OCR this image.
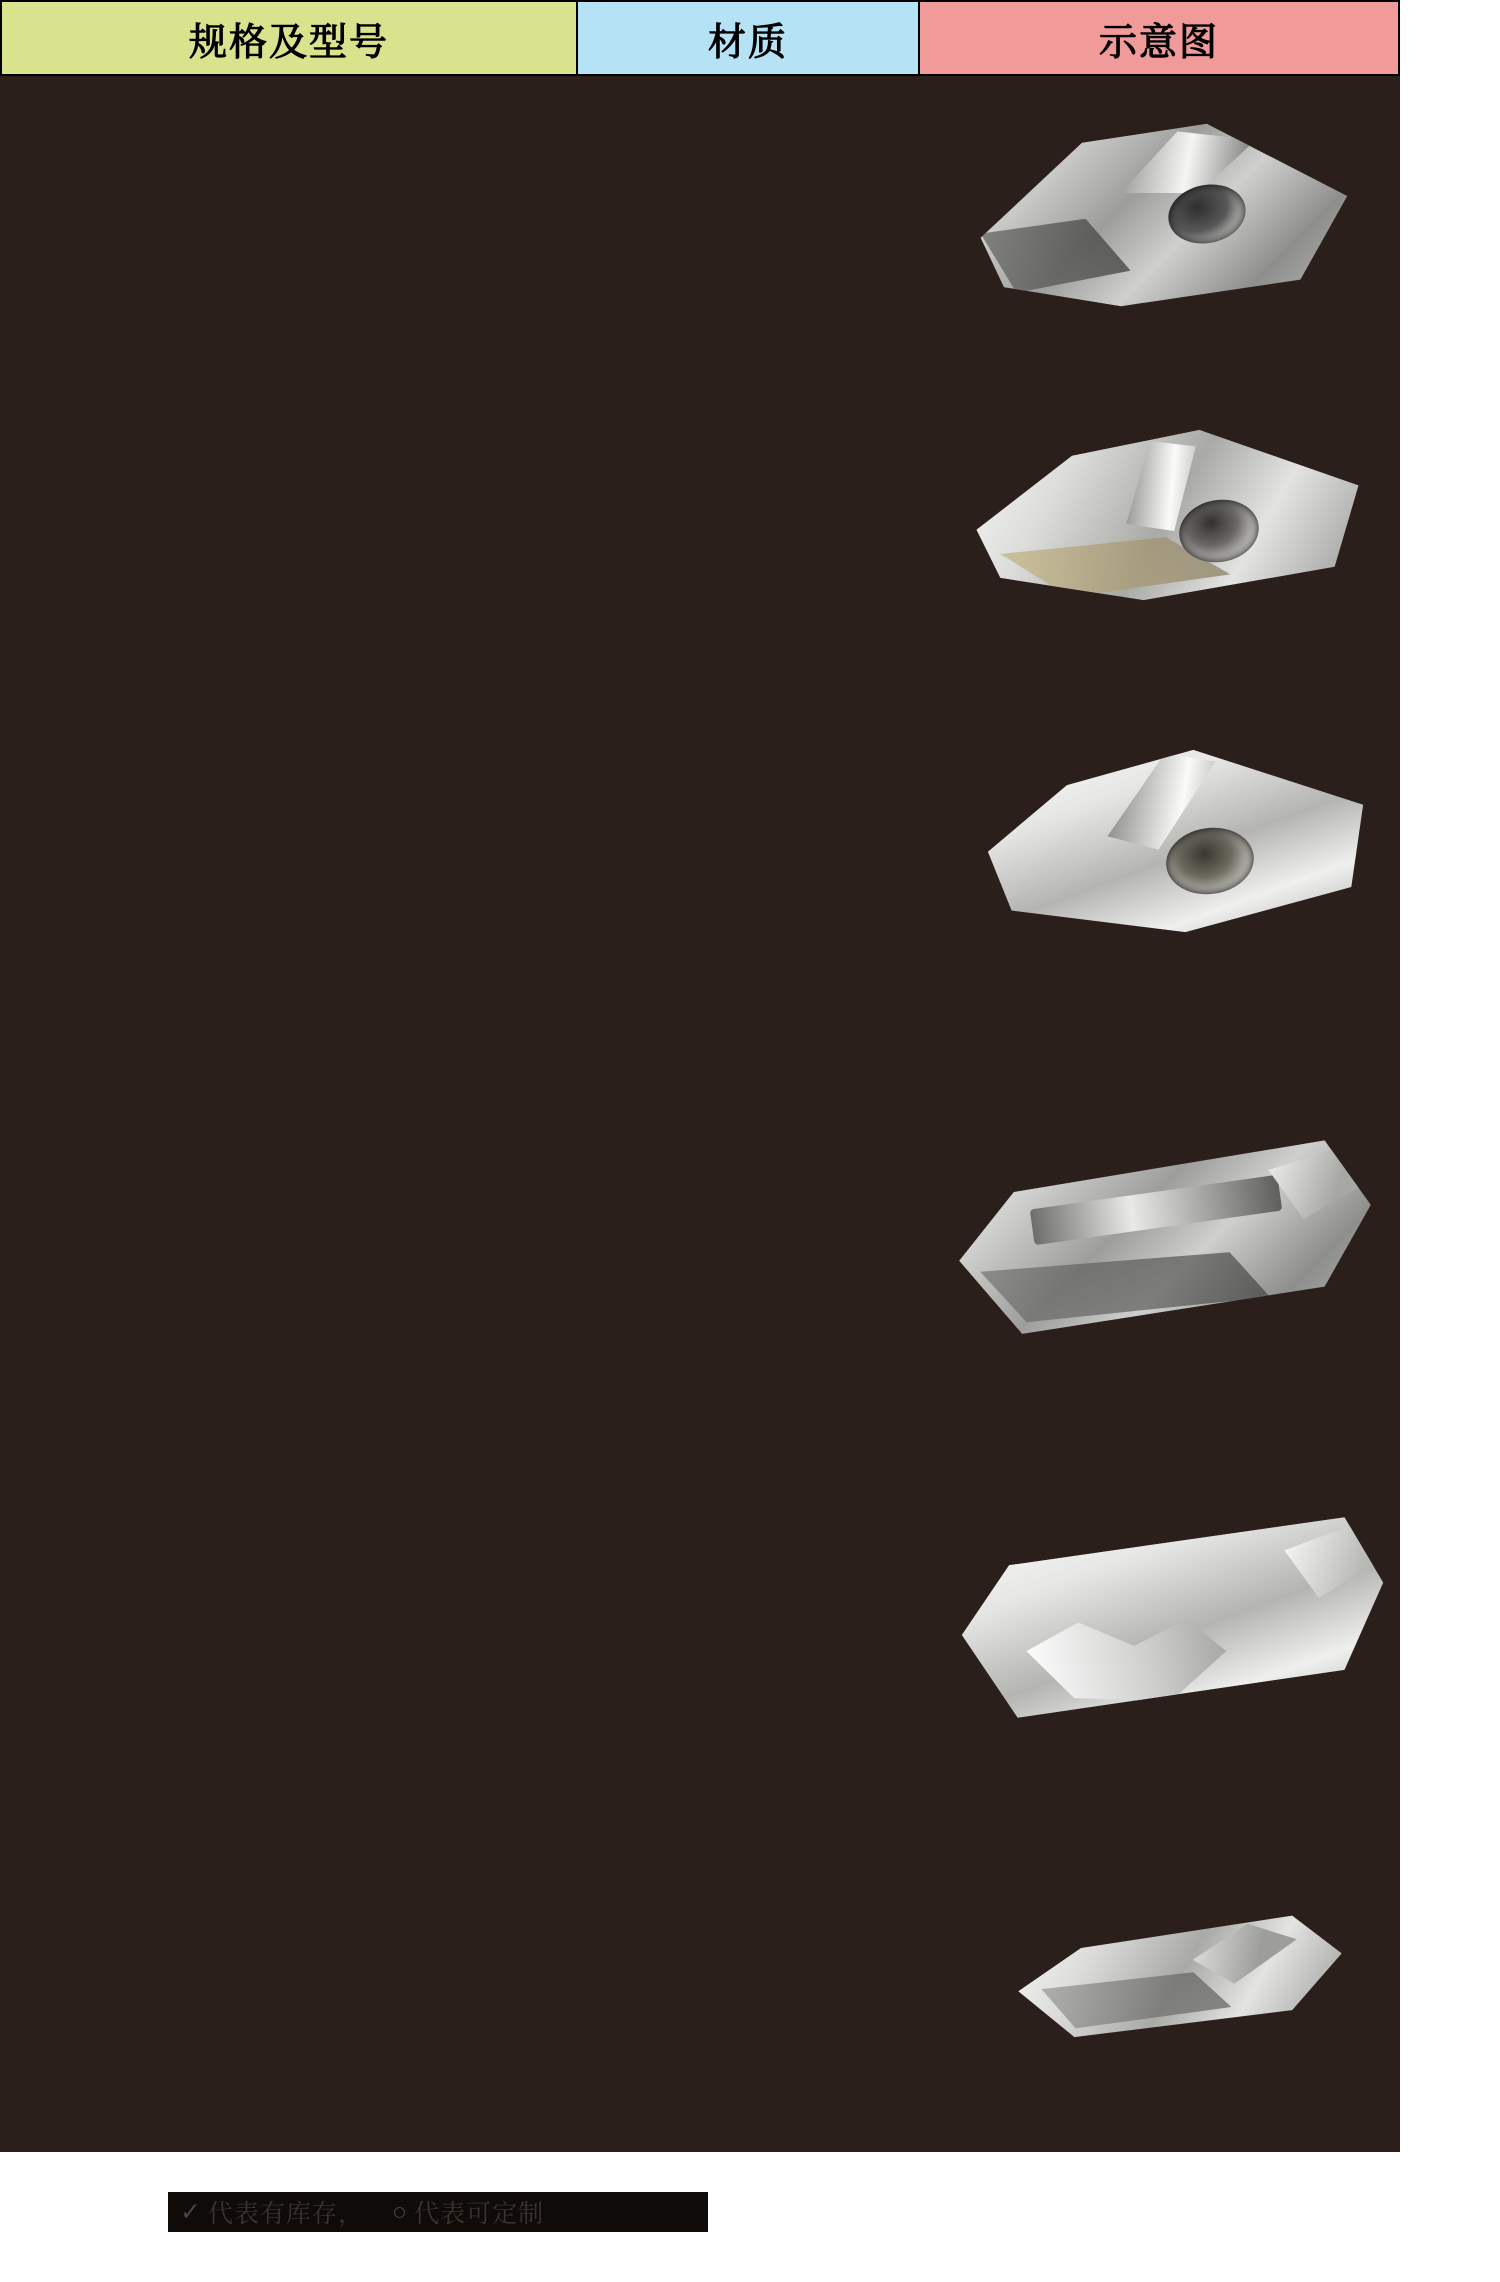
规格及型号	材质	示意图
✓ 代表有库存， ○ 代表可定制
